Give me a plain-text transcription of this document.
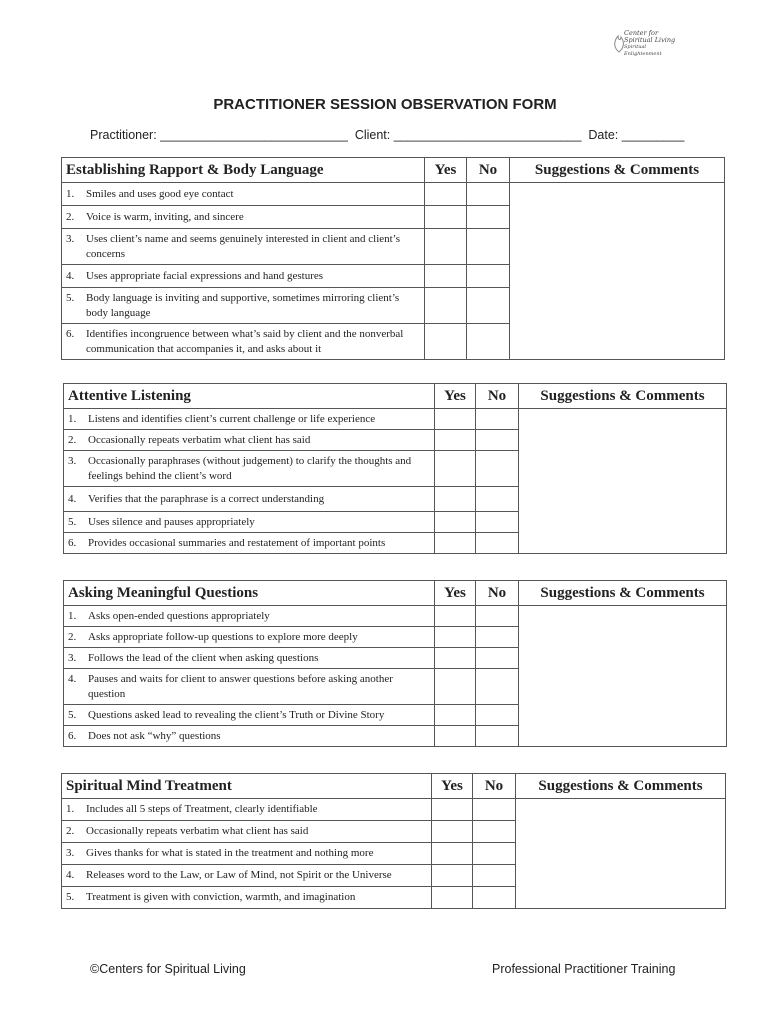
Center for
Spiritual Living
Spiritual Enlightenment
PRACTITIONER SESSION OBSERVATION FORM
Practitioner: ___________________________  Client: ___________________________  Date: _________
Establishing Rapport & Body Language	Yes	No	Suggestions & Comments
1. Smiles and uses good eye contact			
2. Voice is warm, inviting, and sincere			
3. Uses client’s name and seems genuinely interested in client and client’s concerns			
4. Uses appropriate facial expressions and hand gestures			
5. Body language is inviting and supportive, sometimes mirroring client’s body language			
6. Identifies incongruence between what’s said by client and the nonverbal communication that accompanies it, and asks about it			
Attentive Listening	Yes	No	Suggestions & Comments
1. Listens and identifies client’s current challenge or life experience			
2. Occasionally repeats verbatim what client has said			
3. Occasionally paraphrases (without judgement) to clarify the thoughts and feelings behind the client’s word			
4. Verifies that the paraphrase is a correct understanding			
5. Uses silence and pauses appropriately			
6. Provides occasional summaries and restatement of important points			
Asking Meaningful Questions	Yes	No	Suggestions & Comments
1. Asks open-ended questions appropriately			
2. Asks appropriate follow-up questions to explore more deeply			
3. Follows the lead of the client when asking questions			
4. Pauses and waits for client to answer questions before asking another question			
5. Questions asked lead to revealing the client’s Truth or Divine Story			
6. Does not ask “why” questions			
Spiritual Mind Treatment	Yes	No	Suggestions & Comments
1. Includes all 5 steps of Treatment, clearly identifiable			
2. Occasionally repeats verbatim what client has said			
3. Gives thanks for what is stated in the treatment and nothing more			
4. Releases word to the Law, or Law of Mind, not Spirit or the Universe			
5. Treatment is given with conviction, warmth, and imagination			
©Centers for Spiritual Living	Professional Practitioner Training
